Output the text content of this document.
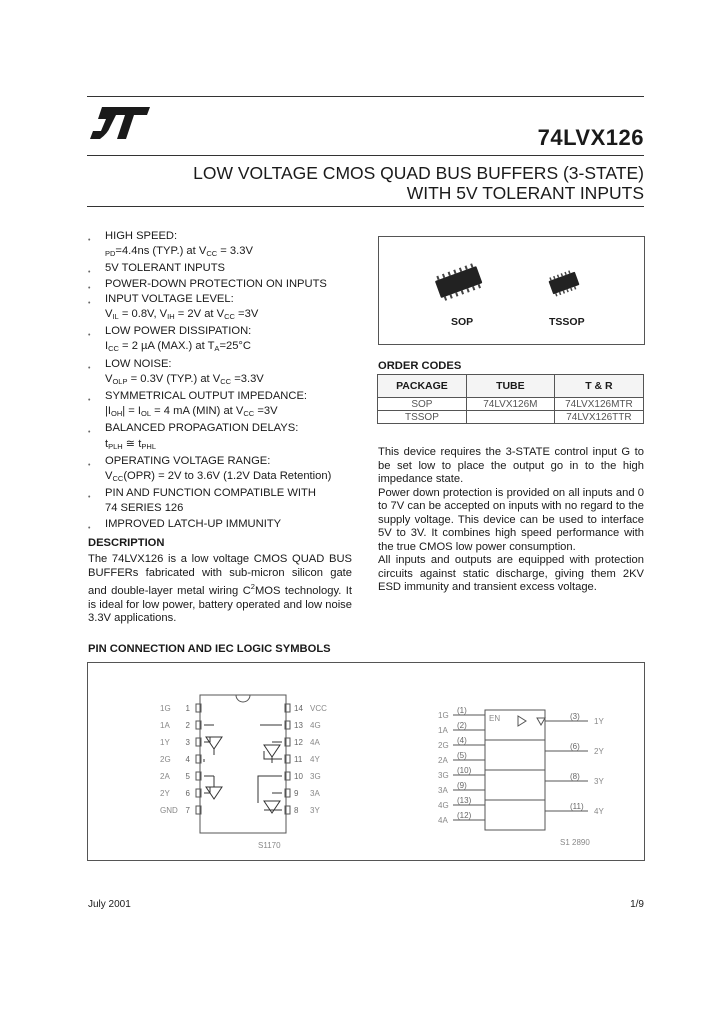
74LVX126
LOW VOLTAGE CMOS QUAD BUS BUFFERS (3-STATE)
WITH 5V TOLERANT INPUTS
• HIGH SPEED:
$_{PD}$=4.4ns (TYP.) at $V_{CC} = 3.3V$
• 5V TOLERANT INPUTS
• POWER-DOWN PROTECTION ON INPUTS
• INPUT VOLTAGE LEVEL:
$V_{IL} = 0.8V$, $V_{IH} = 2V$ at $V_{CC} =3V$
• LOW POWER DISSIPATION:
$I_{CC} = 2$ µA (MAX.) at $T_A=25^\circ C$
• LOW NOISE:
$V_{OLP} = 0.3V$ (TYP.) at $V_{CC} =3.3V$
• SYMMETRICAL OUTPUT IMPEDANCE:
$|I_{OH}| = I_{OL} = 4$ mA (MIN) at $V_{CC} =3V$
• BALANCED PROPAGATION DELAYS:
$t_{PLH}$ ≅ $t_{PHL}$
• OPERATING VOLTAGE RANGE:
$V_{CC}(OPR) = 2V$ to 3.6V (1.2V Data Retention)
• PIN AND FUNCTION COMPATIBLE WITH
74 SERIES 126
• IMPROVED LATCH-UP IMMUNITY
DESCRIPTION
The 74LVX126 is a low voltage CMOS QUAD BUS BUFFERs fabricated with sub-micron silicon gate and double-layer metal wiring $C^2MOS$ technology. It is ideal for low power, battery operated and low noise 3.3V applications.
SOP	TSSOP
ORDER CODES
PACKAGE	TUBE	T & R
SOP	74LVX126M	74LVX126MTR
TSSOP		74LVX126TTR
This device requires the 3-STATE control input G to be set low to place the output go in to the high impedance state.
Power down protection is provided on all inputs and 0 to 7V can be accepted on inputs with no regard to the supply voltage. This device can be used to interface 5V to 3V. It combines high speed performance with the true CMOS low power consumption.
All inputs and outputs are equipped with protection circuits against static discharge, giving them 2KV ESD immunity and transient excess voltage.
PIN CONNECTION AND IEC LOGIC SYMBOLS
1
1G
2
1A
3
1Y
4
2G
5
2A
6
2Y
7
GND
14 VCC
13 4G
12 4A
11 4Y
10 3G
9 3A
8 3Y
S1170
EN
1G
(1)
1A
(2)
2G
(4)
2A
(5)
3G
(10)
3A
(9)
4G
(13)
4A
(12)
(3)
1Y
(6)
2Y
(8)
3Y
(11)
4Y
S1 2890
July 2001	1/9
